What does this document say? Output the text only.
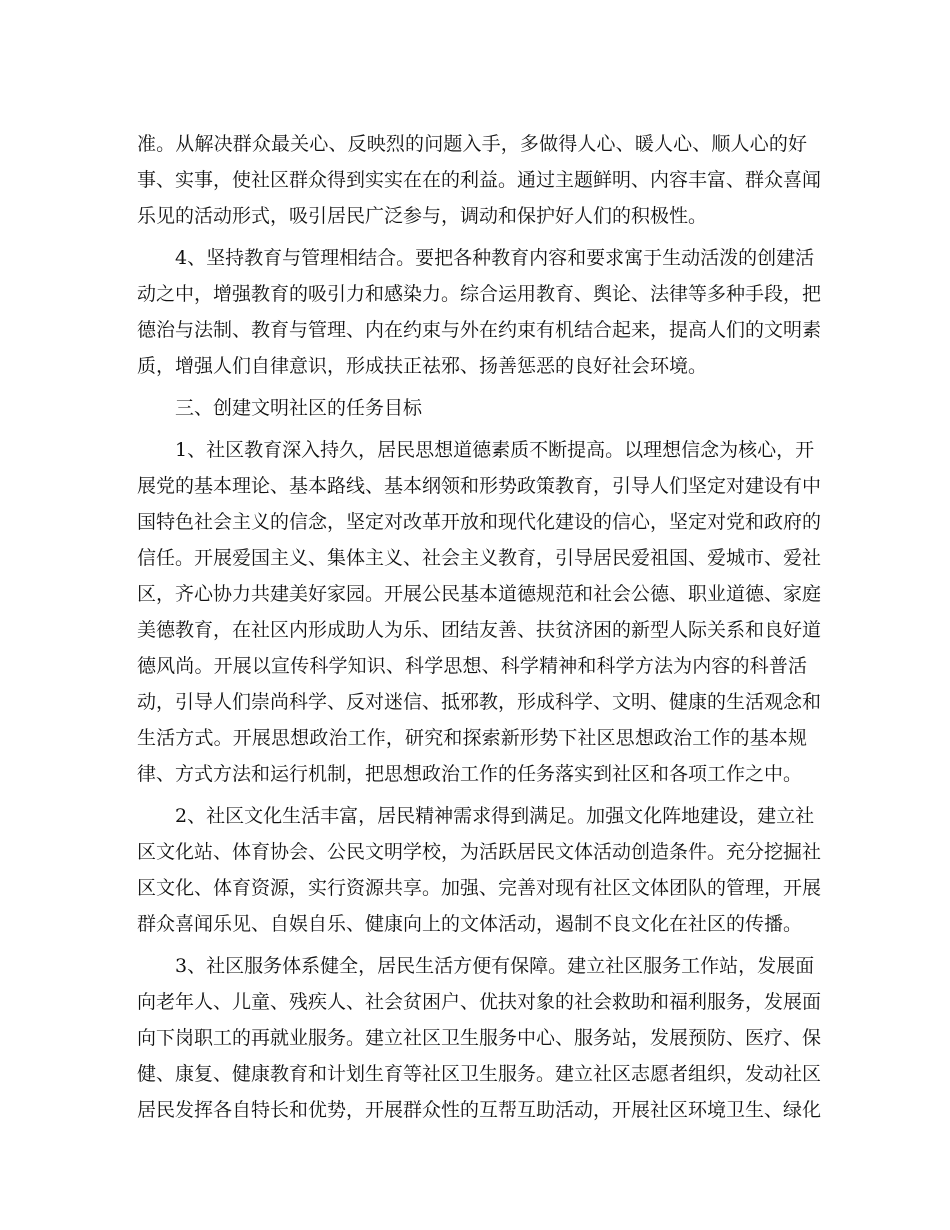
准。从解决群众最关心、反映烈的问题入手，多做得人心、暖人心、顺人心的好
事、实事，使社区群众得到实实在在的利益。通过主题鲜明、内容丰富、群众喜闻
乐见的活动形式，吸引居民广泛参与，调动和保护好人们的积极性。
4、坚持教育与管理相结合。要把各种教育内容和要求寓于生动活泼的创建活
动之中，增强教育的吸引力和感染力。综合运用教育、舆论、法律等多种手段，把
德治与法制、教育与管理、内在约束与外在约束有机结合起来，提高人们的文明素
质，增强人们自律意识，形成扶正祛邪、扬善惩恶的良好社会环境。
三、创建文明社区的任务目标
1、社区教育深入持久，居民思想道德素质不断提高。以理想信念为核心，开
展党的基本理论、基本路线、基本纲领和形势政策教育，引导人们坚定对建设有中
国特色社会主义的信念，坚定对改革开放和现代化建设的信心，坚定对党和政府的
信任。开展爱国主义、集体主义、社会主义教育，引导居民爱祖国、爱城市、爱社
区，齐心协力共建美好家园。开展公民基本道德规范和社会公德、职业道德、家庭
美德教育，在社区内形成助人为乐、团结友善、扶贫济困的新型人际关系和良好道
德风尚。开展以宣传科学知识、科学思想、科学精神和科学方法为内容的科普活
动，引导人们崇尚科学、反对迷信、抵邪教，形成科学、文明、健康的生活观念和
生活方式。开展思想政治工作，研究和探索新形势下社区思想政治工作的基本规
律、方式方法和运行机制，把思想政治工作的任务落实到社区和各项工作之中。
2、社区文化生活丰富，居民精神需求得到满足。加强文化阵地建设，建立社
区文化站、体育协会、公民文明学校，为活跃居民文体活动创造条件。充分挖掘社
区文化、体育资源，实行资源共享。加强、完善对现有社区文体团队的管理，开展
群众喜闻乐见、自娱自乐、健康向上的文体活动，遏制不良文化在社区的传播。
3、社区服务体系健全，居民生活方便有保障。建立社区服务工作站，发展面
向老年人、儿童、残疾人、社会贫困户、优扶对象的社会救助和福利服务，发展面
向下岗职工的再就业服务。建立社区卫生服务中心、服务站，发展预防、医疗、保
健、康复、健康教育和计划生育等社区卫生服务。建立社区志愿者组织，发动社区
居民发挥各自特长和优势，开展群众性的互帮互助活动，开展社区环境卫生、绿化
